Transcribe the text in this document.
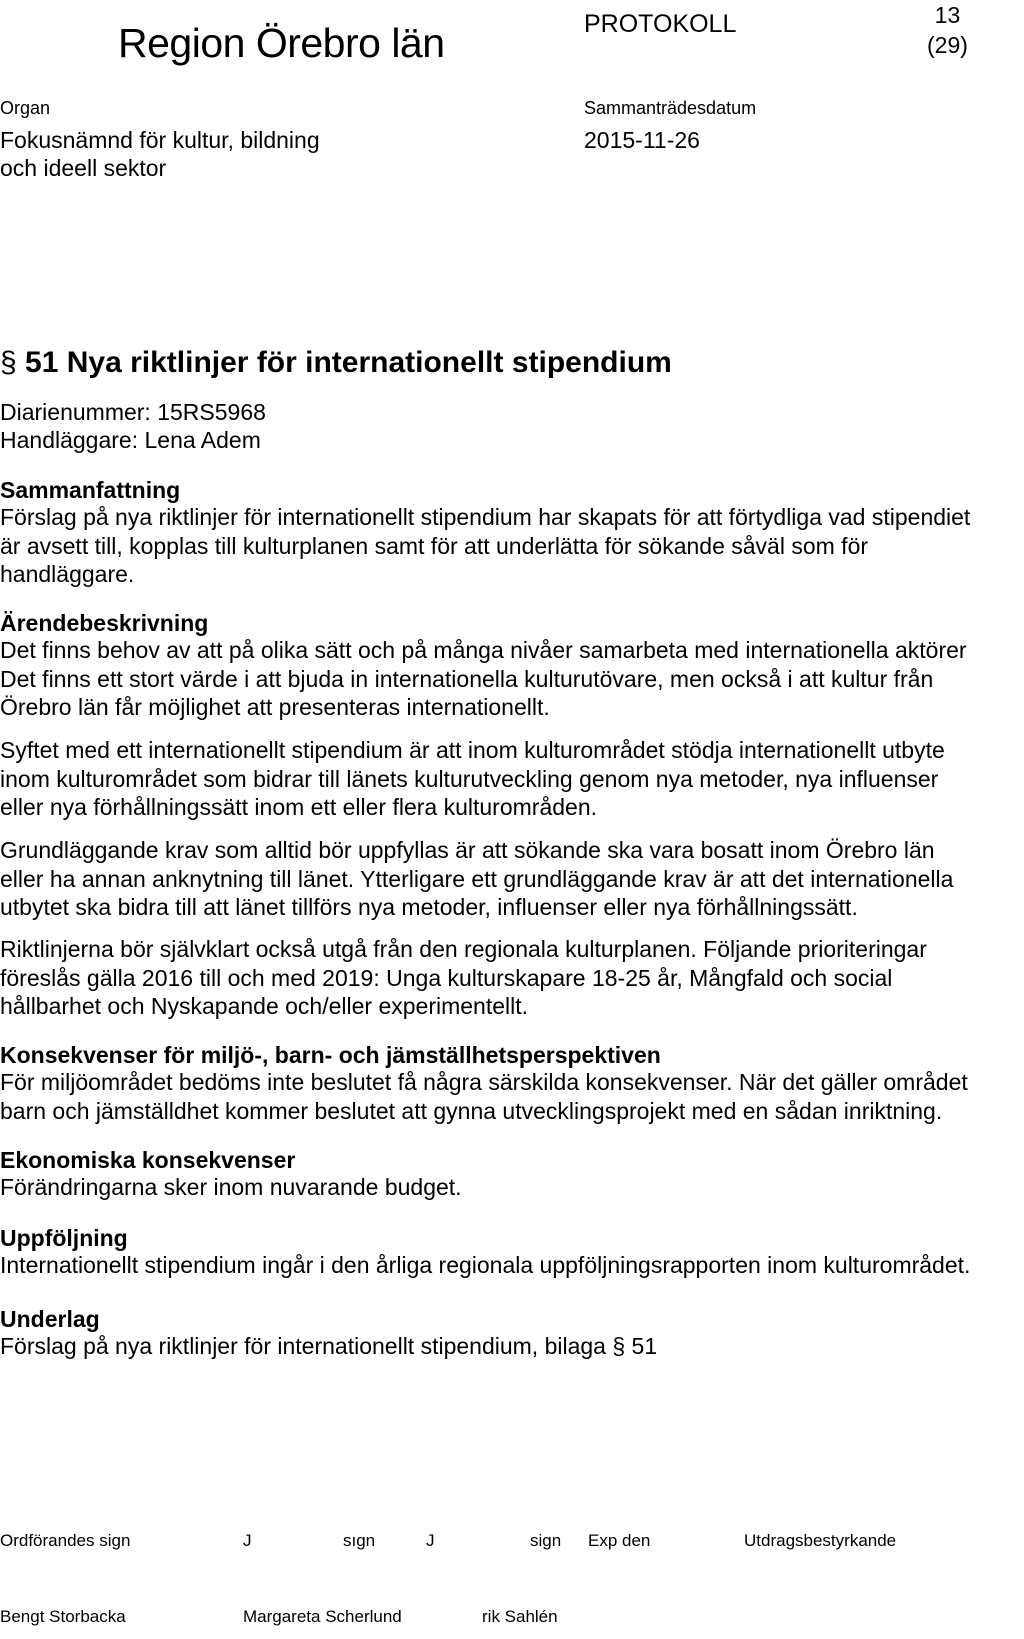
Region Örebro län	PROTOKOLL	13
(29)
Organ
Fokusnämnd för kultur, bildning
och ideell sektor
Sammanträdesdatum
2015-11-26
§ 51 Nya riktlinjer för internationellt stipendium
Diarienummer: 15RS5968
Handläggare: Lena Adem
Sammanfattning

Förslag på nya riktlinjer för internationellt stipendium har skapats för att förtydliga vad stipendiet

är avsett till, kopplas till kulturplanen samt för att underlätta för sökande såväl som för

handläggare.

Ärendebeskrivning

Det finns behov av att på olika sätt och på många nivåer samarbeta med internationella aktörer

Det finns ett stort värde i att bjuda in internationella kulturutövare, men också i att kultur från

Örebro län får möjlighet att presenteras internationellt.

Syftet med ett internationellt stipendium är att inom kulturområdet stödja internationellt utbyte

inom kulturområdet som bidrar till länets kulturutveckling genom nya metoder, nya influenser

eller nya förhållningssätt inom ett eller flera kulturområden.

Grundläggande krav som alltid bör uppfyllas är att sökande ska vara bosatt inom Örebro län

eller ha annan anknytning till länet. Ytterligare ett grundläggande krav är att det internationella

utbytet ska bidra till att länet tillförs nya metoder, influenser eller nya förhållningssätt.

Riktlinjerna bör självklart också utgå från den regionala kulturplanen. Följande prioriteringar

föreslås gälla 2016 till och med 2019: Unga kulturskapare 18-25 år, Mångfald och social

hållbarhet och Nyskapande och/eller experimentellt.

Konsekvenser för miljö-, barn- och jämställhetsperspektiven

För miljöområdet bedöms inte beslutet få några särskilda konsekvenser. När det gäller området

barn och jämställdhet kommer beslutet att gynna utvecklingsprojekt med en sådan inriktning.

Ekonomiska konsekvenser

Förändringarna sker inom nuvarande budget.

Uppföljning

Internationellt stipendium ingår i den årliga regionala uppföljningsrapporten inom kulturområdet.

Underlag

Förslag på nya riktlinjer för internationellt stipendium, bilaga § 51

Ordförandes sign	J	sıgn	J	sign Exp den	Utdragsbestyrkande
Bengt Storbacka	Margareta Scherlund	rik Sahlén
